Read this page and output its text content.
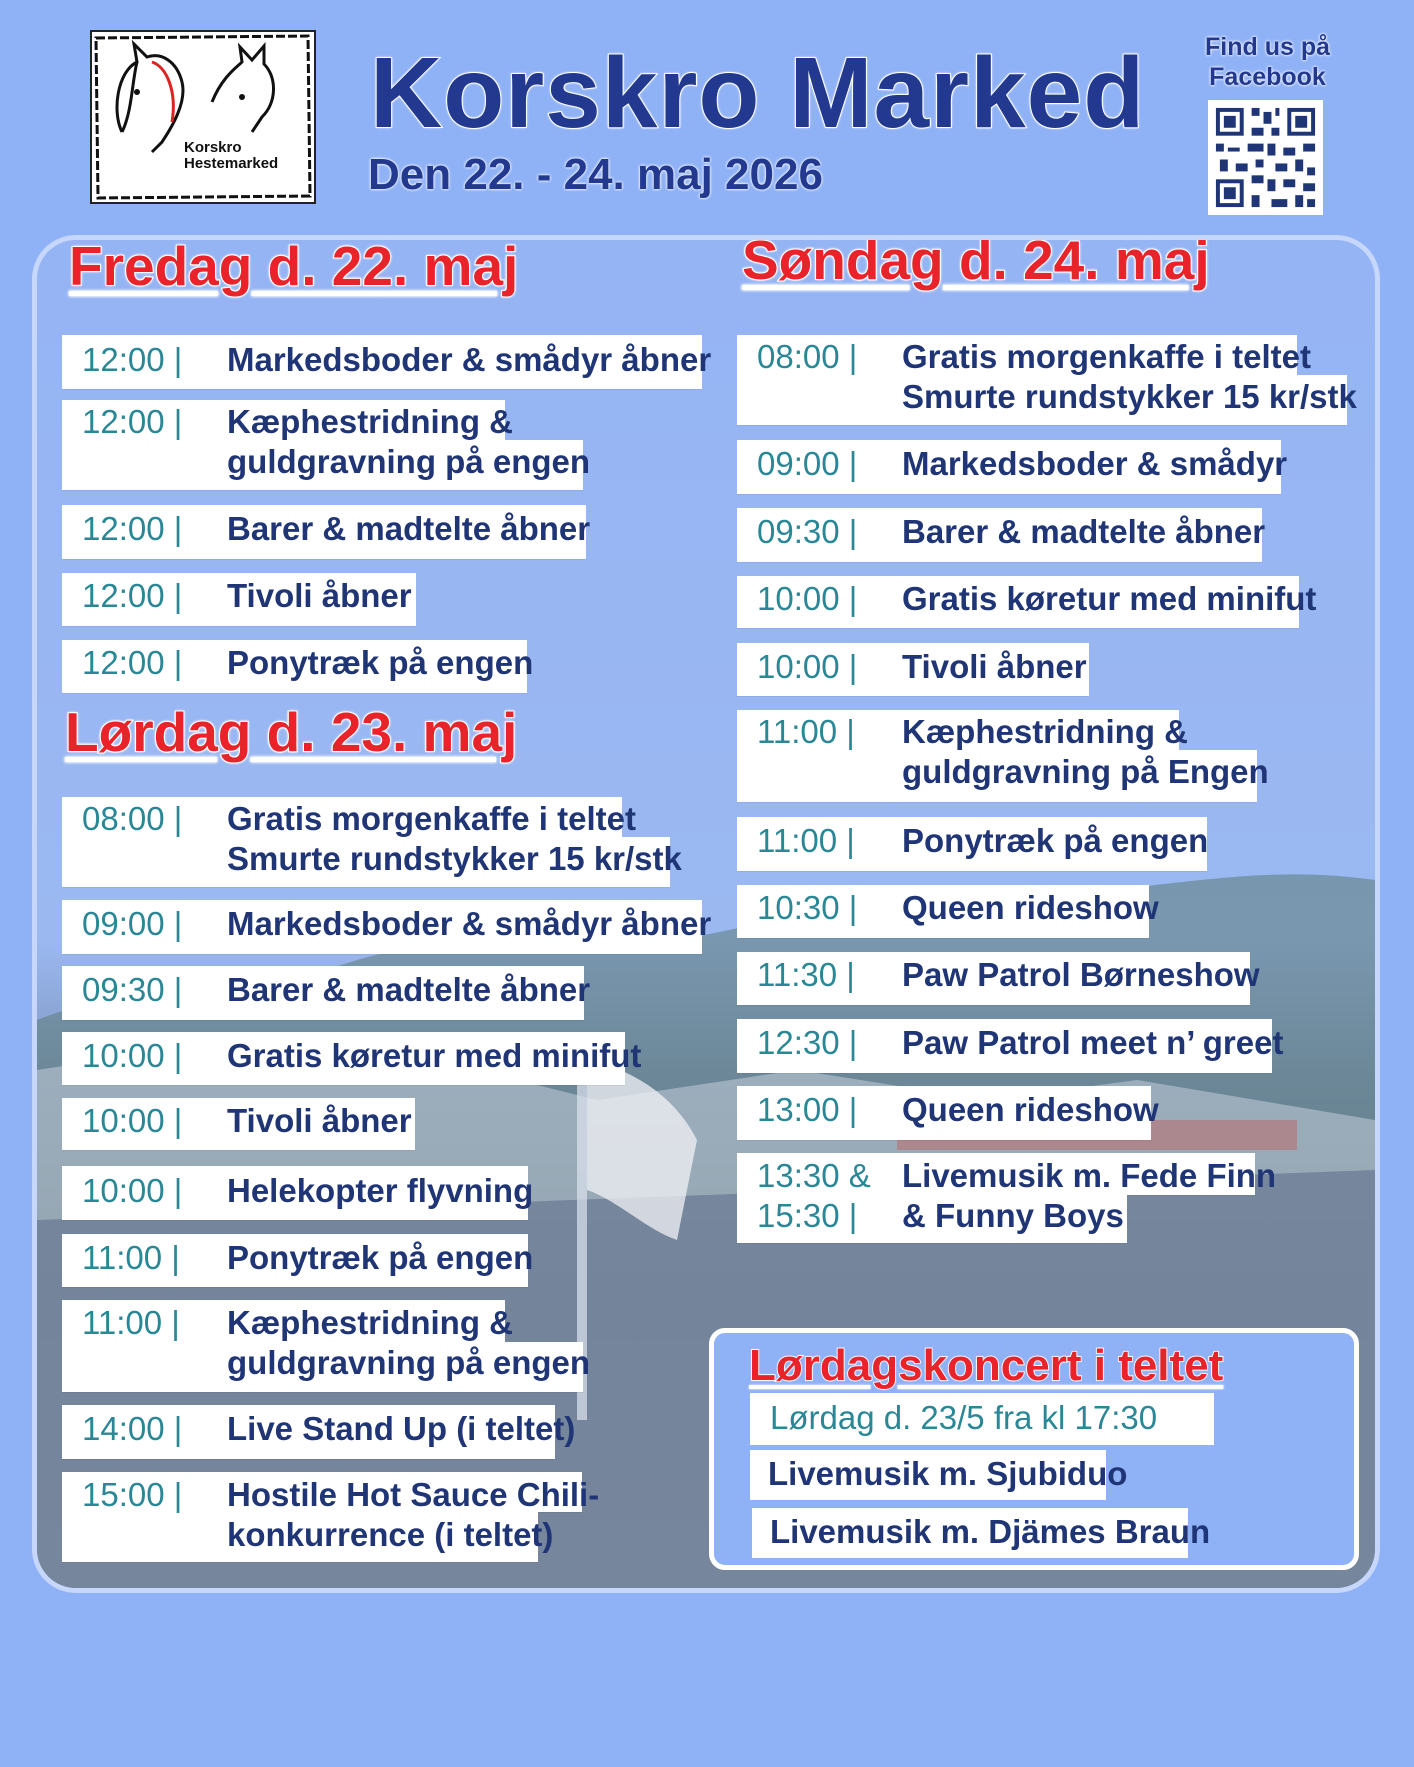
Korskro
Hestemarked
Korskro Marked
Den 22. - 24. maj 2026
Find us på
Facebook
Fredag d. 22. maj
12:00 | Markedsboder & smådyr åbner
12:00 | Kæphestridning &
guldgravning på engen
12:00 | Barer & madtelte åbner
12:00 | Tivoli åbner
12:00 | Ponytræk på engen
Lørdag d. 23. maj
08:00 | Gratis morgenkaffe i teltet
Smurte rundstykker 15 kr/stk
09:00 | Markedsboder & smådyr åbner
09:30 | Barer & madtelte åbner
10:00 | Gratis køretur med minifut
10:00 | Tivoli åbner
10:00 | Helekopter flyvning
11:00 | Ponytræk på engen
11:00 | Kæphestridning &
guldgravning på engen
14:00 | Live Stand Up (i teltet)
15:00 | Hostile Hot Sauce Chili-
konkurrence (i teltet)
Søndag d. 24. maj
08:00 | Gratis morgenkaffe i teltet
Smurte rundstykker 15 kr/stk
09:00 | Markedsboder & smådyr
09:30 | Barer & madtelte åbner
10:00 | Gratis køretur med minifut
10:00 | Tivoli åbner
11:00 | Kæphestridning &
guldgravning på Engen
11:00 | Ponytræk på engen
10:30 | Queen rideshow
11:30 | Paw Patrol Børneshow
12:30 | Paw Patrol meet n’ greet
13:00 | Queen rideshow
13:30 &
15:30 |
Livemusik m. Fede Finn
& Funny Boys
Lørdagskoncert i teltet
Lørdag d. 23/5 fra kl 17:30
Livemusik m. Sjubiduo
Livemusik m. Djämes Braun
